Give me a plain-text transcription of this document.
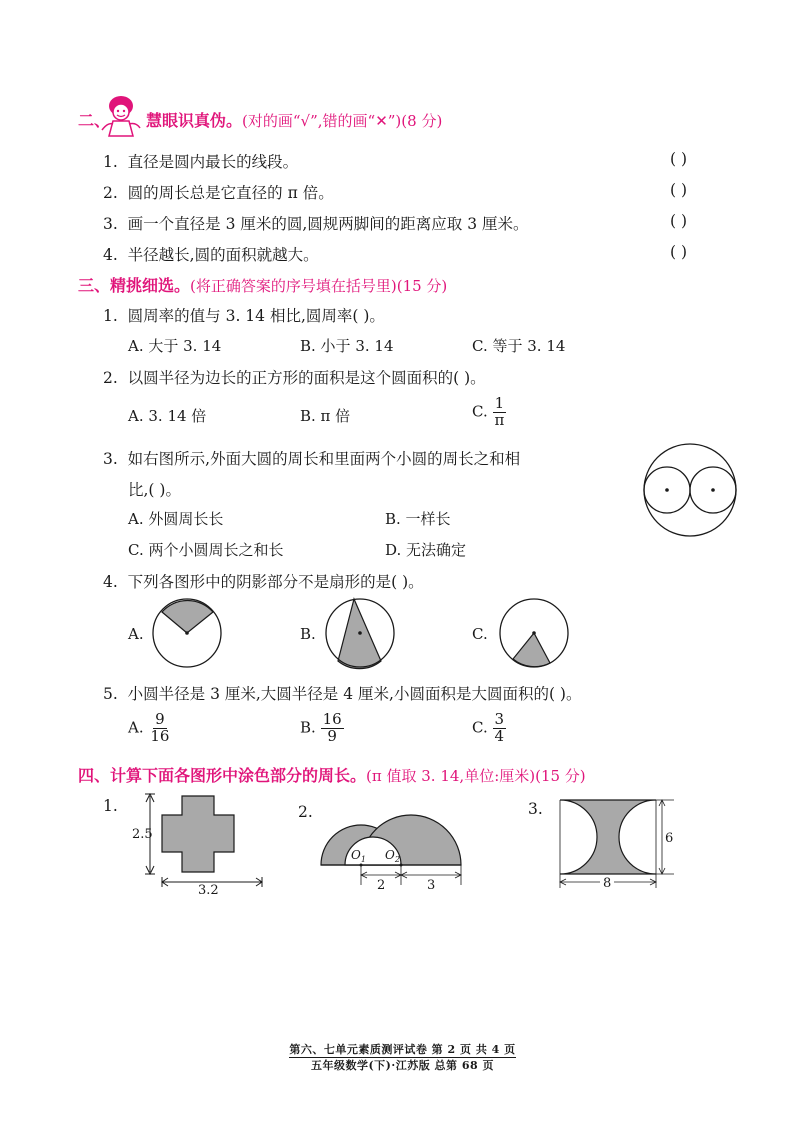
二、 慧眼识真伪。(对的画“√”,错的画“✕”)(8 分)
1. 直径是圆内最长的线段。	( )
2. 圆的周长总是它直径的 π 倍。	( )
3. 画一个直径是 3 厘米的圆,圆规两脚间的距离应取 3 厘米。	( )
4. 半径越长,圆的面积就越大。	( )
三、精挑细选。(将正确答案的序号填在括号里)(15 分)
1. 圆周率的值与 3. 14 相比,圆周率( )。
A. 大于 3. 14	B. 小于 3. 14	C. 等于 3. 14
2. 以圆半径为边长的正方形的面积是这个圆面积的( )。
A. 3. 14 倍	B. π 倍	C. $\frac{1}{\pi}$
3. 如右图所示,外面大圆的周长和里面两个小圆的周长之和相
比,( )。
A. 外圆周长长	B. 一样长
C. 两个小圆周长之和长	D. 无法确定
4. 下列各图形中的阴影部分不是扇形的是( )。
A.	B.	C.
5. 小圆半径是 3 厘米,大圆半径是 4 厘米,小圆面积是大圆面积的( )。
A. $\frac{9}{16}$	B. $\frac{16}{9}$	C. $\frac{3}{4}$
四、计算下面各图形中涂色部分的周长。(π 值取 3. 14,单位:厘米)(15 分)
1.
2.5
3.2
2.
$O_1$ $O_2$
2	3
3.
6
8
第六、七单元素质测评试卷 第 2 页 共 4 页
五年级数学(下)·江苏版 总第 68 页
